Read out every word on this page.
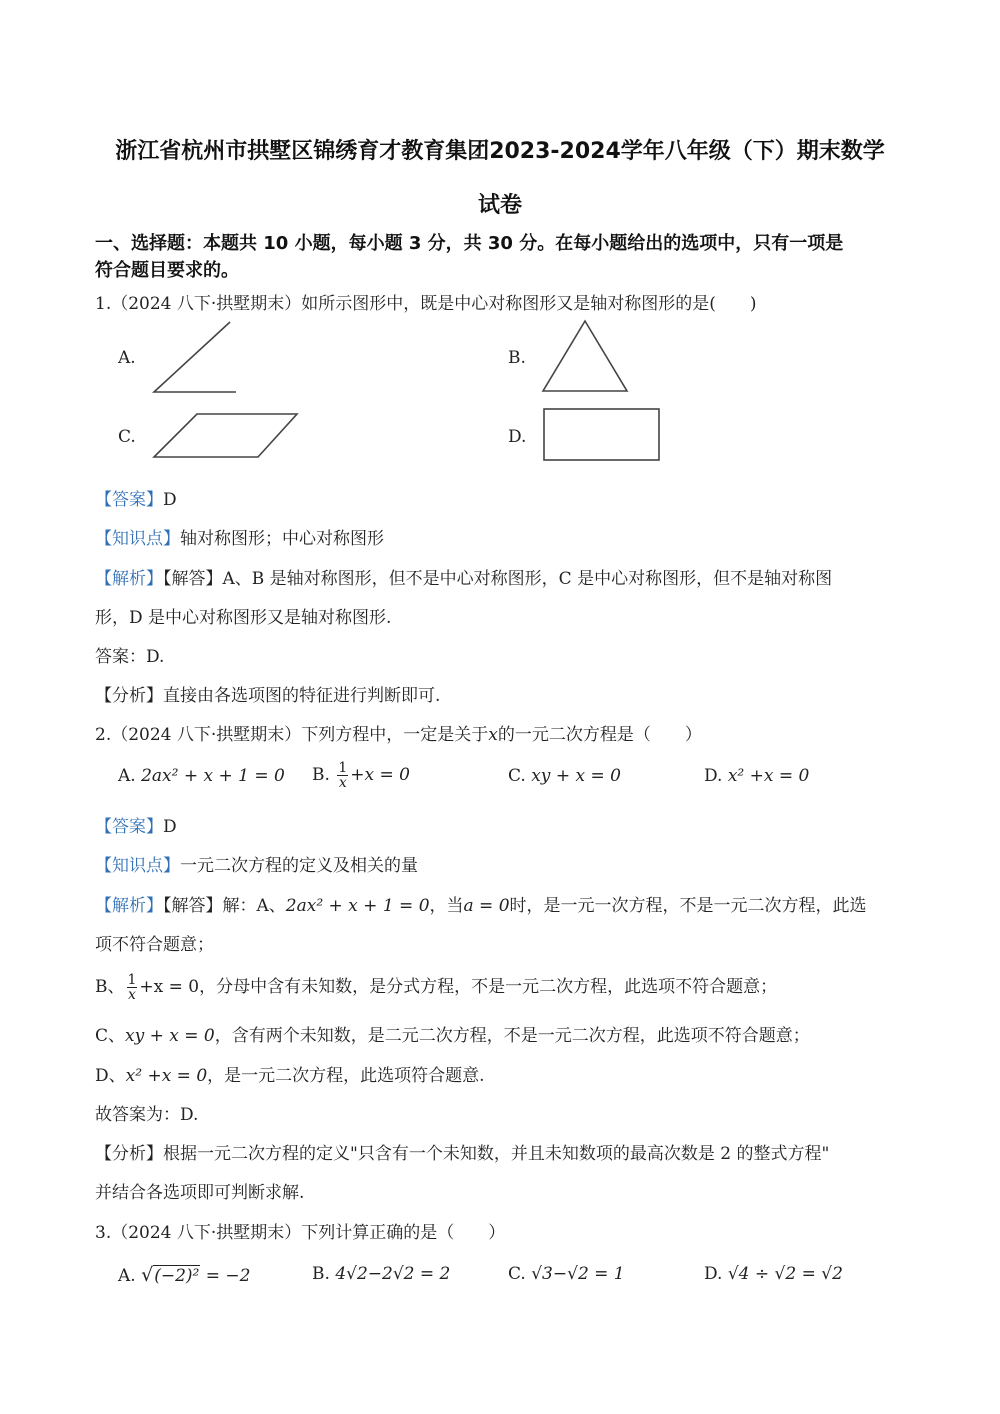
浙江省杭州市拱墅区锦绣育才教育集团2023-2024学年八年级（下）期末数学
试卷
一、选择题：本题共 10 小题，每小题 3 分，共 30 分。在每小题给出的选项中，只有一项是
符合题目要求的。
1.（2024 八下·拱墅期末）如所示图形中，既是中心对称图形又是轴对称图形的是(　　)
A.	B.
C.	D.
【答案】D
【知识点】轴对称图形；中心对称图形
【解析】【解答】A、B 是轴对称图形，但不是中心对称图形，C 是中心对称图形，但不是轴对称图
形，D 是中心对称图形又是轴对称图形.
答案：D.
【分析】直接由各选项图的特征进行判断即可.
2.（2024 八下·拱墅期末）下列方程中，一定是关于x的一元二次方程是（　　）
A. 2ax² + x + 1 = 0 B. $\frac{1}{x} +x = 0$	C. xy + x = 0	D. x² +x = 0
【答案】D
【知识点】一元二次方程的定义及相关的量
【解析】【解答】解：A、2ax² + x + 1 = 0，当a = 0时，是一元一次方程，不是一元二次方程，此选
项不符合题意；
B、 $\frac{1}{x} +x = 0$，分母中含有未知数，是分式方程，不是一元二次方程，此选项不符合题意；
C、xy + x = 0，含有两个未知数，是二元二次方程，不是一元二次方程，此选项不符合题意；
D、x² +x = 0，是一元二次方程，此选项符合题意.
故答案为：D.
【分析】根据一元二次方程的定义"只含有一个未知数，并且未知数项的最高次数是 2 的整式方程"
并结合各选项即可判断求解.
3.（2024 八下·拱墅期末）下列计算正确的是（　　）
A. √(−2)² = −2	B. 4√2−2√2 = 2	C. √3−√2 = 1	D. √4 ÷ √2 = √2
